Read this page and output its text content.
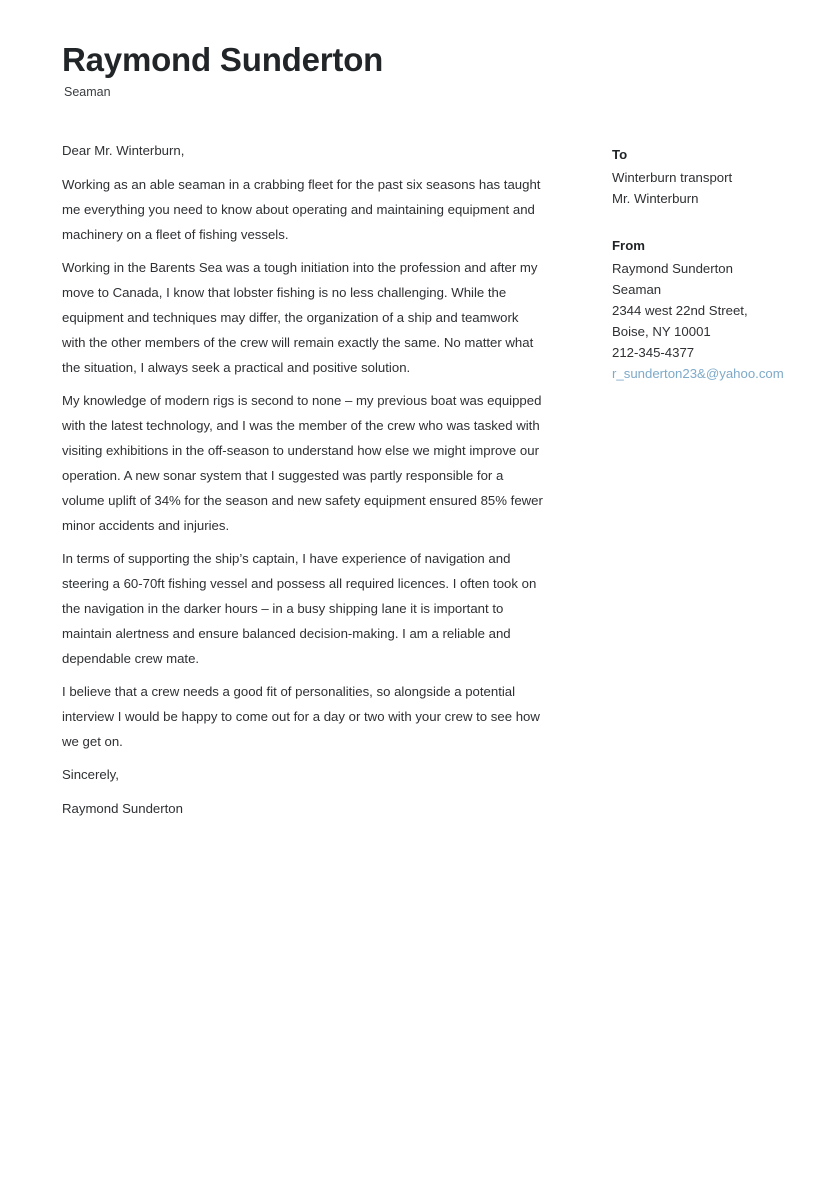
Raymond Sunderton
Seaman

Dear Mr. Winterburn,

Working as an able seaman in a crabbing fleet for the past six seasons has taught me everything you need to know about operating and maintaining equipment and machinery on a fleet of fishing vessels.

Working in the Barents Sea was a tough initiation into the profession and after my move to Canada, I know that lobster fishing is no less challenging. While the equipment and techniques may differ, the organization of a ship and teamwork with the other members of the crew will remain exactly the same. No matter what the situation, I always seek a practical and positive solution.

My knowledge of modern rigs is second to none – my previous boat was equipped with the latest technology, and I was the member of the crew who was tasked with visiting exhibitions in the off-season to understand how else we might improve our operation. A new sonar system that I suggested was partly responsible for a volume uplift of 34% for the season and new safety equipment ensured 85% fewer minor accidents and injuries.

In terms of supporting the ship’s captain, I have experience of navigation and steering a 60-70ft fishing vessel and possess all required licences. I often took on the navigation in the darker hours – in a busy shipping lane it is important to maintain alertness and ensure balanced decision-making. I am a reliable and dependable crew mate.

I believe that a crew needs a good fit of personalities, so alongside a potential interview I would be happy to come out for a day or two with your crew to see how we get on.

Sincerely,

Raymond Sunderton

To
Winterburn transport
Mr. Winterburn
From
Raymond Sunderton
Seaman
2344 west 22nd Street,
Boise, NY 10001
212-345-4377
r_sunderton23&@yahoo.com
